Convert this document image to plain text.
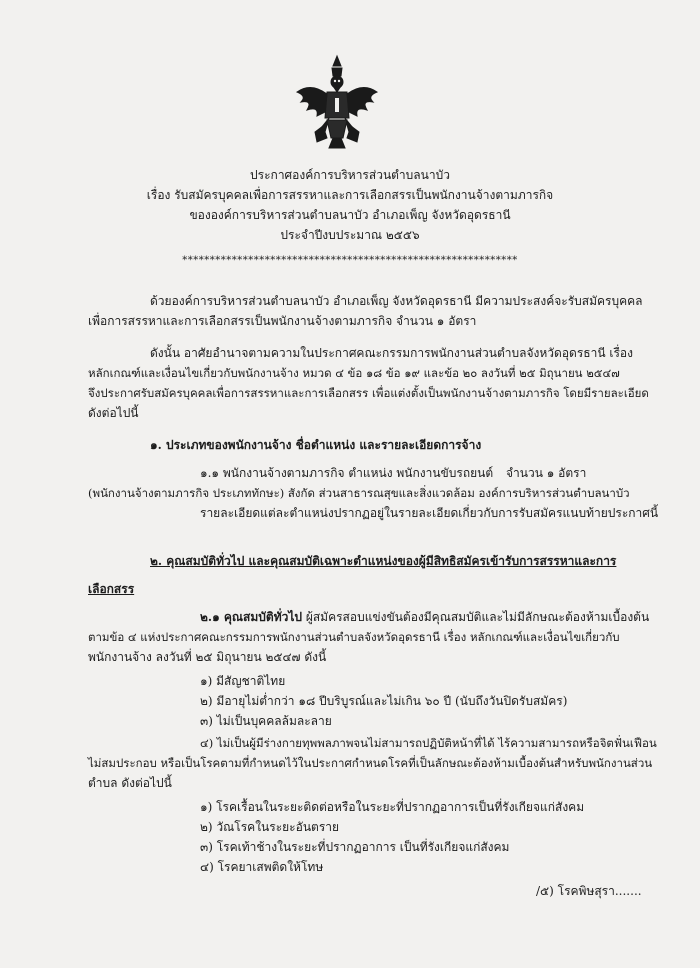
ประกาศองค์การบริหารส่วนตำบลนาบัว
เรื่อง รับสมัครบุคคลเพื่อการสรรหาและการเลือกสรรเป็นพนักงานจ้างตามภารกิจ
ขององค์การบริหารส่วนตำบลนาบัว อำเภอเพ็ญ จังหวัดอุดรธานี
ประจำปีงบประมาณ ๒๕๕๖
*************************************************************
ด้วยองค์การบริหารส่วนตำบลนาบัว อำเภอเพ็ญ จังหวัดอุดรธานี มีความประสงค์จะรับสมัครบุคคล
เพื่อการสรรหาและการเลือกสรรเป็นพนักงานจ้างตามภารกิจ จำนวน ๑ อัตรา
ดังนั้น อาศัยอำนาจตามความในประกาศคณะกรรมการพนักงานส่วนตำบลจังหวัดอุดรธานี เรื่อง
หลักเกณฑ์และเงื่อนไขเกี่ยวกับพนักงานจ้าง หมวด ๔ ข้อ ๑๘ ข้อ ๑๙ และข้อ ๒๐ ลงวันที่ ๒๕ มิถุนายน ๒๕๔๗
จึงประกาศรับสมัครบุคคลเพื่อการสรรหาและการเลือกสรร เพื่อแต่งตั้งเป็นพนักงานจ้างตามภารกิจ โดยมีรายละเอียด
ดังต่อไปนี้
๑. ประเภทของพนักงานจ้าง ชื่อตำแหน่ง และรายละเอียดการจ้าง
๑.๑ พนักงานจ้างตามภารกิจ ตำแหน่ง พนักงานขับรถยนต์ จำนวน ๑ อัตรา
(พนักงานจ้างตามภารกิจ ประเภททักษะ) สังกัด ส่วนสาธารณสุขและสิ่งแวดล้อม องค์การบริหารส่วนตำบลนาบัว
รายละเอียดแต่ละตำแหน่งปรากฏอยู่ในรายละเอียดเกี่ยวกับการรับสมัครแนบท้ายประกาศนี้
๒. คุณสมบัติทั่วไป และคุณสมบัติเฉพาะตำแหน่งของผู้มีสิทธิสมัครเข้ารับการสรรหาและการ
เลือกสรร
๒.๑ คุณสมบัติทั่วไป ผู้สมัครสอบแข่งขันต้องมีคุณสมบัติและไม่มีลักษณะต้องห้ามเบื้องต้น
ตามข้อ ๔ แห่งประกาศคณะกรรมการพนักงานส่วนตำบลจังหวัดอุดรธานี เรื่อง หลักเกณฑ์และเงื่อนไขเกี่ยวกับ
พนักงานจ้าง ลงวันที่ ๒๕ มิถุนายน ๒๕๔๗ ดังนี้
๑) มีสัญชาติไทย
๒) มีอายุไม่ต่ำกว่า ๑๘ ปีบริบูรณ์และไม่เกิน ๖๐ ปี (นับถึงวันปิดรับสมัคร)
๓) ไม่เป็นบุคคลล้มละลาย
๔) ไม่เป็นผู้มีร่างกายทุพพลภาพจนไม่สามารถปฏิบัติหน้าที่ได้ ไร้ความสามารถหรือจิตฟั่นเฟือน
ไม่สมประกอบ หรือเป็นโรคตามที่กำหนดไว้ในประกาศกำหนดโรคที่เป็นลักษณะต้องห้ามเบื้องต้นสำหรับพนักงานส่วน
ตำบล ดังต่อไปนี้
๑) โรคเรื้อนในระยะติดต่อหรือในระยะที่ปรากฏอาการเป็นที่รังเกียจแก่สังคม
๒) วัณโรคในระยะอันตราย
๓) โรคเท้าช้างในระยะที่ปรากฏอาการ เป็นที่รังเกียจแก่สังคม
๔) โรคยาเสพติดให้โทษ
/๕) โรคพิษสุรา.......
